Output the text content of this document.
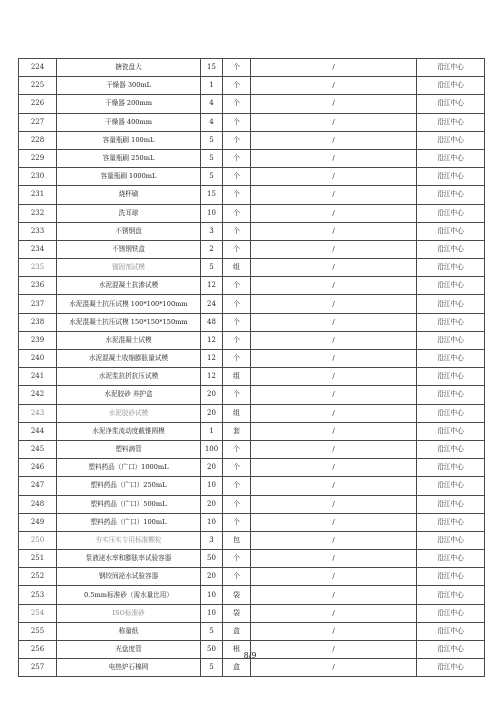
224	搪瓷盘大	15	个	/	沿江中心
225	干燥器 300mL	1	个	/	沿江中心
226	干燥器 200mm	4	个	/	沿江中心
227	干燥器 400mm	4	个	/	沿江中心
228	容量瓶刷 100mL	5	个	/	沿江中心
229	容量瓶刷 250mL	5	个	/	沿江中心
230	容量瓶刷 1000mL	5	个	/	沿江中心
231	烧杯刷	15	个	/	沿江中心
232	洗耳球	10	个	/	沿江中心
233	不锈钢盘	3	个	/	沿江中心
234	不锈钢铁盒	2	个	/	沿江中心
235	锚固剂试模	5	组	/	沿江中心
236	水泥混凝土抗渗试模	12	个	/	沿江中心
237	水泥混凝土抗压试模 100*100*100mm	24	个	/	沿江中心
238	水泥混凝土抗压试模 150*150*150mm	48	个	/	沿江中心
239	水泥混凝土试模	12	个	/	沿江中心
240	水泥混凝土收缩膨胀量试模	12	个	/	沿江中心
241	水泥浆抗折抗压试模	12	组	/	沿江中心
242	水泥胶砂 养护盒	20	个	/	沿江中心
243	水泥胶砂试模	20	组	/	沿江中心
244	水泥净浆流动度截锥圆模	1	套	/	沿江中心
245	塑料滴管	100	个	/	沿江中心
246	塑料药品（广口）1000mL	20	个	/	沿江中心
247	塑料药品（广口）250mL	10	个	/	沿江中心
248	塑料药品（广口）500mL	20	个	/	沿江中心
249	塑料药品（广口）100mL	10	个	/	沿江中心
250	夯实压实专用标准颗粒	3	包	/	沿江中心
251	泵液泌水率和膨胀率试验容器	50	个	/	沿江中心
252	钢绞间泌水试验容器	20	个	/	沿江中心
253	0.5mm标准砂（需水量比用）	10	袋	/	沿江中心
254	ISO标准砂	10	袋	/	沿江中心
255	称量纸	5	盒	/	沿江中心
256	光盘度管	50	根	/	沿江中心
257	电热炉石棉网	5	盒	/	沿江中心
8/9
